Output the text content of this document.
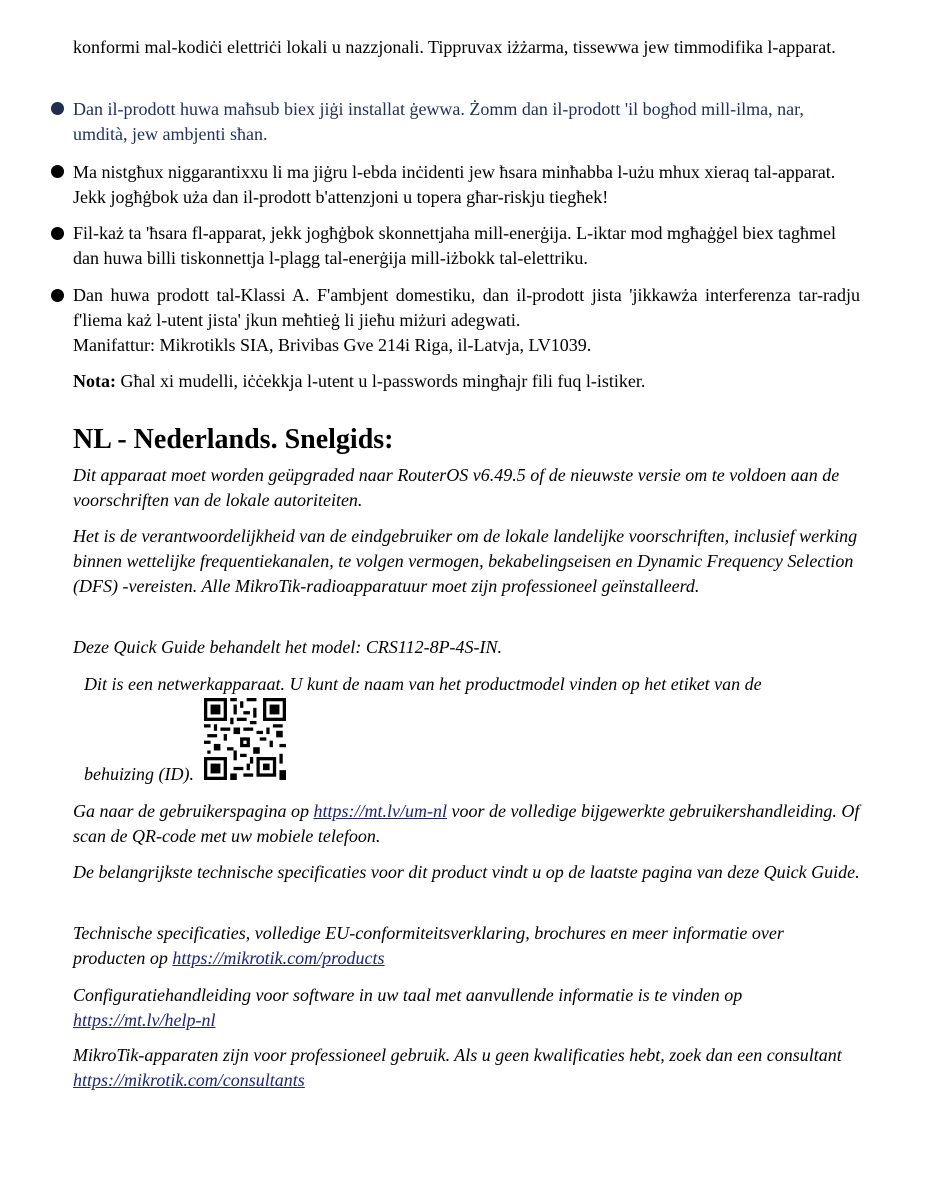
konformi mal-kodiċi elettriċi lokali u nazzjonali. Tippruvax iżżarma, tissewwa jew timmodifika l-apparat.

Dan il-prodott huwa maħsub biex jiġi installat ġewwa. Żomm dan il-prodott 'il bogħod mill-ilma, nar, umdità, jew ambjenti sħan.

Ma nistgħux niggarantixxu li ma jiġru l-ebda inċidenti jew ħsara minħabba l-użu mhux xieraq tal-apparat. Jekk jogħġbok uża dan il-prodott b'attenzjoni u topera għar-riskju tiegħek!

Fil-każ ta 'ħsara fl-apparat, jekk jogħġbok skonnettjaha mill-enerġija. L-iktar mod mgħaġġel biex tagħmel dan huwa billi tiskonnettja l-plagg tal-enerġija mill-iżbokk tal-elettriku.

Dan huwa prodott tal-Klassi A. F'ambjent domestiku, dan il-prodott jista 'jikkawża interferenza tar-radju f'liema każ l-utent jista' jkun meħtieġ li jieħu miżuri adegwati.

Manifattur: Mikrotikls SIA, Brivibas Gve 214i Riga, il-Latvja, LV1039.

Nota: Għal xi mudelli, iċċekkja l-utent u l-passwords mingħajr fili fuq l-istiker.

NL - Nederlands. Snelgids:

Dit apparaat moet worden geüpgraded naar RouterOS v6.49.5 of de nieuwste versie om te voldoen aan de voorschriften van de lokale autoriteiten.

Het is de verantwoordelijkheid van de eindgebruiker om de lokale landelijke voorschriften, inclusief werking binnen wettelijke frequentiekanalen, te volgen vermogen, bekabelingseisen en Dynamic Frequency Selection (DFS) -vereisten. Alle MikroTik-radioapparatuur moet zijn professioneel geïnstalleerd.

Deze Quick Guide behandelt het model: CRS112-8P-4S-IN.

Dit is een netwerkapparaat. U kunt de naam van het productmodel vinden op het etiket van de

behuizing (ID).

Ga naar de gebruikerspagina op https://mt.lv/um-nl voor de volledige bijgewerkte gebruikershandleiding. Of scan de QR-code met uw mobiele telefoon.

De belangrijkste technische specificaties voor dit product vindt u op de laatste pagina van deze Quick Guide.

Technische specificaties, volledige EU-conformiteitsverklaring, brochures en meer informatie over producten op https://mikrotik.com/products

Configuratiehandleiding voor software in uw taal met aanvullende informatie is te vinden op https://mt.lv/help-nl

MikroTik-apparaten zijn voor professioneel gebruik. Als u geen kwalificaties hebt, zoek dan een consultant https://mikrotik.com/consultants
